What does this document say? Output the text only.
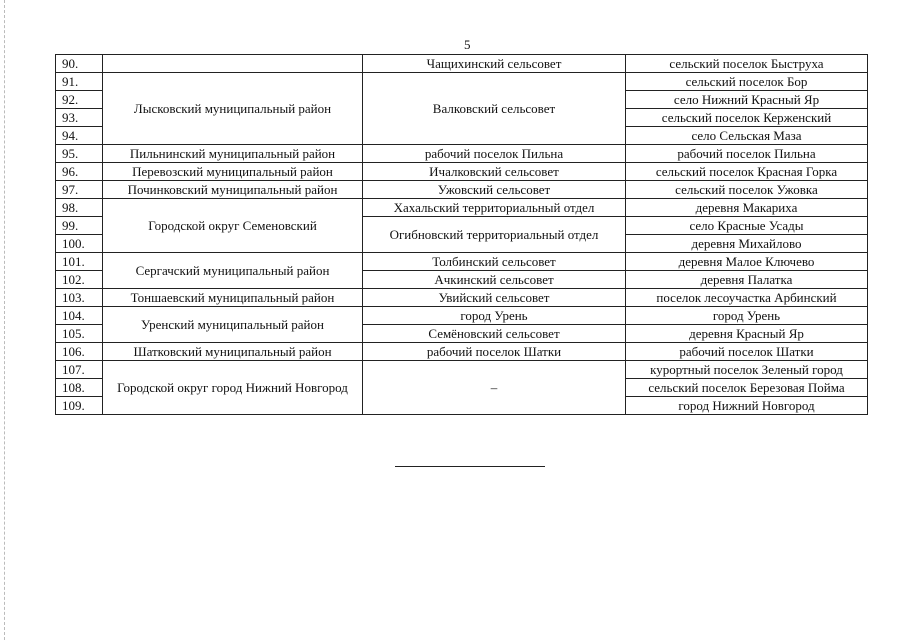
5
90.		Чащихинский сельсовет	сельский поселок Быструха
91.	Лысковский муниципальный район	Валковский сельсовет	сельский поселок Бор
92.			село Нижний Красный Яр
93.			сельский поселок Керженский
94.			село Сельская Маза
95.	Пильнинский муниципальный район	рабочий поселок Пильна	рабочий поселок Пильна
96.	Перевозский муниципальный район	Ичалковский сельсовет	сельский поселок Красная Горка
97.	Починковский муниципальный район	Ужовский сельсовет	сельский поселок Ужовка
98.	Городской округ Семеновский	Хахальский территориальный отдел	деревня Макариха
99.		Огибновский территориальный отдел	село Красные Усады
100.			деревня Михайлово
101.	Сергачский муниципальный район	Толбинский сельсовет	деревня Малое Ключево
102.		Ачкинский сельсовет	деревня Палатка
103.	Тоншаевский муниципальный район	Увийский сельсовет	поселок лесоучастка Арбинский
104.	Уренский муниципальный район	город Урень	город Урень
105.		Семёновский сельсовет	деревня Красный Яр
106.	Шатковский муниципальный район	рабочий поселок Шатки	рабочий поселок Шатки
107.	Городской округ город Нижний Новгород	–	курортный поселок Зеленый город
108.			сельский поселок Березовая Пойма
109.			город Нижний Новгород
